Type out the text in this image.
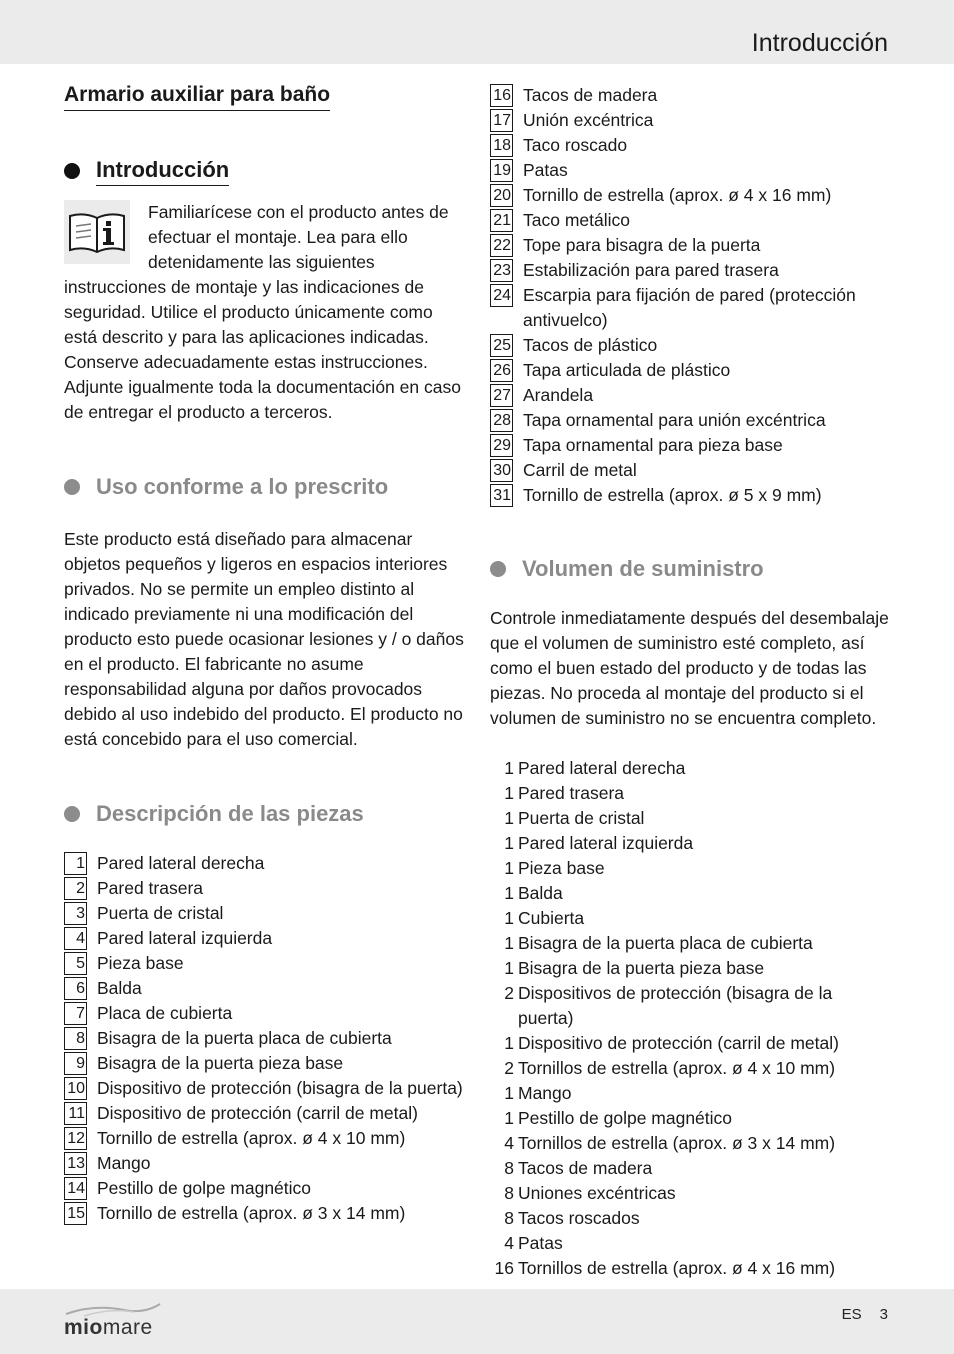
Introducción
Armario auxiliar para baño
Introducción

Familiarícese con el producto antes de efectuar el montaje. Lea para ello detenidamente las siguientes instrucciones de montaje y las indicaciones de seguridad. Utilice el producto únicamente como está descrito y para las aplicaciones indicadas. Conserve adecuadamente estas instrucciones. Adjunte igualmente toda la documentación en caso de entregar el producto a terceros.

Uso conforme a lo prescrito

Este producto está diseñado para almacenar objetos pequeños y ligeros en espacios interiores privados. No se permite un empleo distinto al indicado previamente ni una modificación del producto esto puede ocasionar lesiones y / o daños en el producto. El fabricante no asume responsabilidad alguna por daños provocados debido al uso indebido del producto. El producto no está concebido para el uso comercial.

Descripción de las piezas
1 Pared lateral derecha
2 Pared trasera
3 Puerta de cristal
4 Pared lateral izquierda
5 Pieza base
6 Balda
7 Placa de cubierta
8 Bisagra de la puerta placa de cubierta
9 Bisagra de la puerta pieza base
10 Dispositivo de protección (bisagra de la puerta)
11 Dispositivo de protección (carril de metal)
12 Tornillo de estrella (aprox. ø 4 x 10 mm)
13 Mango
14 Pestillo de golpe magnético
15 Tornillo de estrella (aprox. ø 3 x 14 mm)
16 Tacos de madera
17 Unión excéntrica
18 Taco roscado
19 Patas
20 Tornillo de estrella (aprox. ø 4 x 16 mm)
21 Taco metálico
22 Tope para bisagra de la puerta
23 Estabilización para pared trasera
24 Escarpia para fijación de pared (protección antivuelco)
25 Tacos de plástico
26 Tapa articulada de plástico
27 Arandela
28 Tapa ornamental para unión excéntrica
29 Tapa ornamental para pieza base
30 Carril de metal
31 Tornillo de estrella (aprox. ø 5 x 9 mm)
Volumen de suministro

Controle inmediatamente después del desembalaje que el volumen de suministro esté completo, así como el buen estado del producto y de todas las piezas. No proceda al montaje del producto si el volumen de suministro no se encuentra completo.

1 Pared lateral derecha
1 Pared trasera
1 Puerta de cristal
1 Pared lateral izquierda
1 Pieza base
1 Balda
1 Cubierta
1 Bisagra de la puerta placa de cubierta
1 Bisagra de la puerta pieza base
2 Dispositivos de protección (bisagra de la puerta)
1 Dispositivo de protección (carril de metal)
2 Tornillos de estrella (aprox. ø 4 x 10 mm)
1 Mango
1 Pestillo de golpe magnético
4 Tornillos de estrella (aprox. ø 3 x 14 mm)
8 Tacos de madera
8 Uniones excéntricas
8 Tacos roscados
4 Patas
16 Tornillos de estrella (aprox. ø 4 x 16 mm)
miomare
ES 3
